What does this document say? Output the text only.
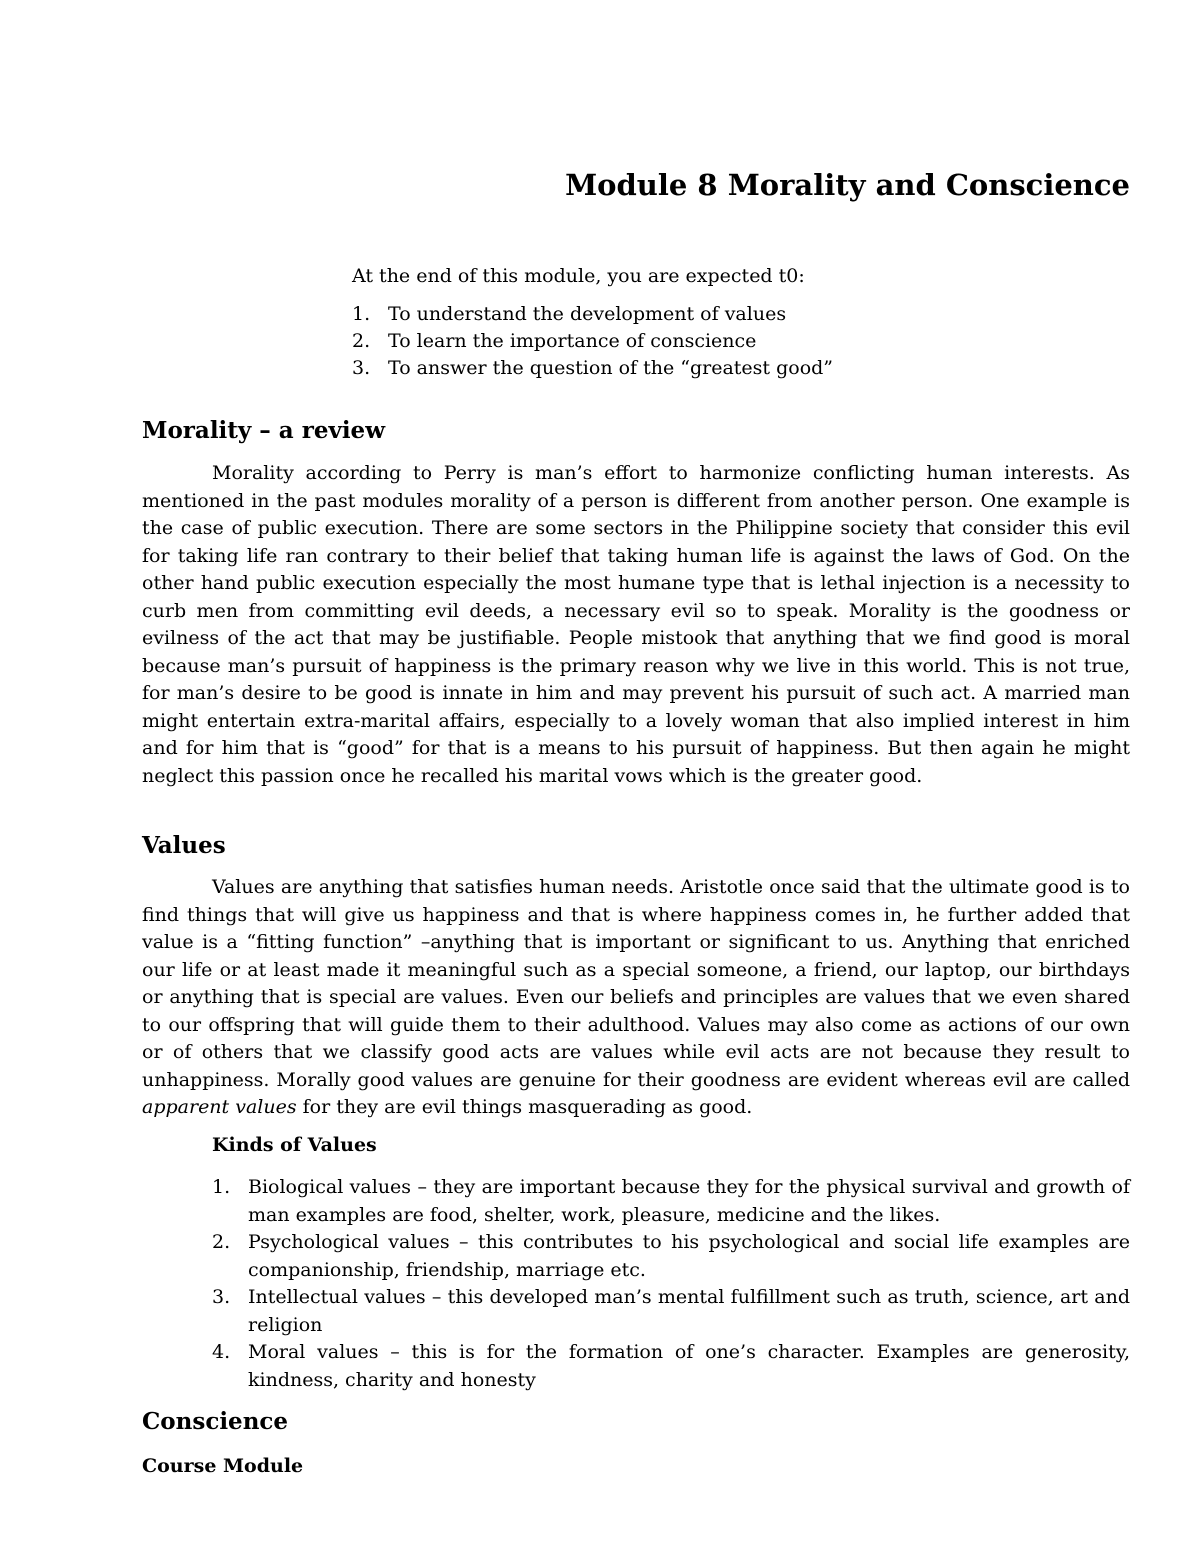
Module 8 Morality and Conscience

At the end of this module, you are expected t0:

1. To understand the development of values
2. To learn the importance of conscience
3. To answer the question of the “greatest good”
Morality – a review

Morality according to Perry is man’s effort to harmonize conflicting human interests. As mentioned in the past modules morality of a person is different from another person. One example is the case of public execution. There are some sectors in the Philippine society that consider this evil for taking life ran contrary to their belief that taking human life is against the laws of God. On the other hand public execution especially the most humane type that is lethal injection is a necessity to curb men from committing evil deeds, a necessary evil so to speak. Morality is the goodness or evilness of the act that may be justifiable. People mistook that anything that we find good is moral because man’s pursuit of happiness is the primary reason why we live in this world. This is not true, for man’s desire to be good is innate in him and may prevent his pursuit of such act. A married man might entertain extra-marital affairs, especially to a lovely woman that also implied interest in him and for him that is “good” for that is a means to his pursuit of happiness. But then again he might neglect this passion once he recalled his marital vows which is the greater good.

Values

Values are anything that satisfies human needs. Aristotle once said that the ultimate good is to find things that will give us happiness and that is where happiness comes in, he further added that value is a “fitting function” –anything that is important or significant to us. Anything that enriched our life or at least made it meaningful such as a special someone, a friend, our laptop, our birthdays or anything that is special are values. Even our beliefs and principles are values that we even shared to our offspring that will guide them to their adulthood. Values may also come as actions of our own or of others that we classify good acts are values while evil acts are not because they result to unhappiness. Morally good values are genuine for their goodness are evident whereas evil are called apparent values for they are evil things masquerading as good.

Kinds of Values
1. Biological values – they are important because they for the physical survival and growth of man examples are food, shelter, work, pleasure, medicine and the likes.
2. Psychological values – this contributes to his psychological and social life examples are companionship, friendship, marriage etc.
3. Intellectual values – this developed man’s mental fulfillment such as truth, science, art and religion
4. Moral values – this is for the formation of one’s character. Examples are generosity, kindness, charity and honesty
Conscience

Course Module
